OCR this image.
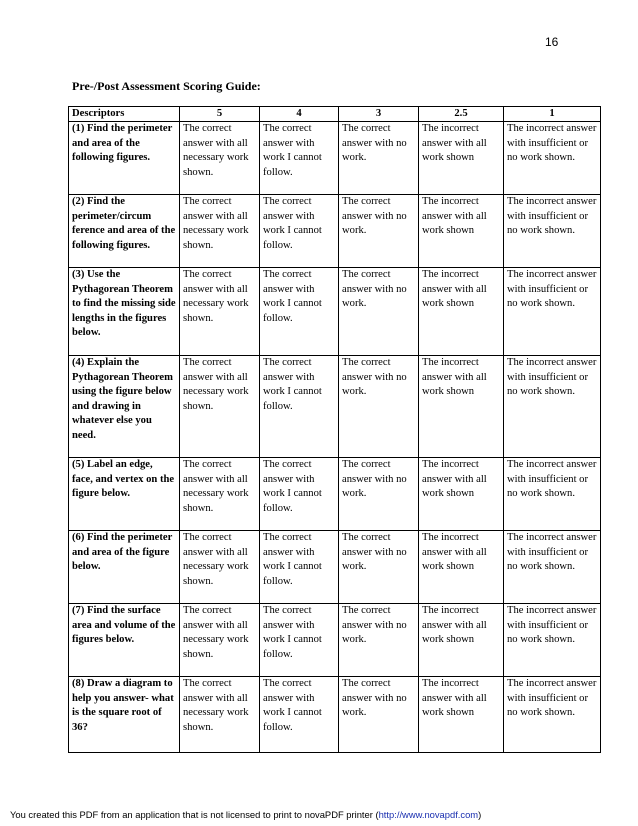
16
Pre-/Post Assessment Scoring Guide:
Descriptors	5	4	3	2.5	1
(1) Find the perimeter and area of the following figures.	The correct answer with all necessary work shown.	The correct answer with work I cannot follow.	The correct answer with no work.	The incorrect answer with all work shown	The incorrect answer with insufficient or no work shown.
(2) Find the perimeter/circum ference and area of the following figures.	The correct answer with all necessary work shown.	The correct answer with work I cannot follow.	The correct answer with no work.	The incorrect answer with all work shown	The incorrect answer with insufficient or no work shown.
(3) Use the Pythagorean Theorem to find the missing side lengths in the figures below.	The correct answer with all necessary work shown.	The correct answer with work I cannot follow.	The correct answer with no work.	The incorrect answer with all work shown	The incorrect answer with insufficient or no work shown.
(4) Explain the Pythagorean Theorem using the figure below and drawing in whatever else you need.	The correct answer with all necessary work shown.	The correct answer with work I cannot follow.	The correct answer with no work.	The incorrect answer with all work shown	The incorrect answer with insufficient or no work shown.
(5) Label an edge, face, and vertex on the figure below.	The correct answer with all necessary work shown.	The correct answer with work I cannot follow.	The correct answer with no work.	The incorrect answer with all work shown	The incorrect answer with insufficient or no work shown.
(6) Find the perimeter and area of the figure below.	The correct answer with all necessary work shown.	The correct answer with work I cannot follow.	The correct answer with no work.	The incorrect answer with all work shown	The incorrect answer with insufficient or no work shown.
(7) Find the surface area and volume of the figures below.	The correct answer with all necessary work shown.	The correct answer with work I cannot follow.	The correct answer with no work.	The incorrect answer with all work shown	The incorrect answer with insufficient or no work shown.
(8) Draw a diagram to help you answer- what is the square root of 36?	The correct answer with all necessary work shown.	The correct answer with work I cannot follow.	The correct answer with no work.	The incorrect answer with all work shown	The incorrect answer with insufficient or no work shown.
You created this PDF from an application that is not licensed to print to novaPDF printer (http://www.novapdf.com)
